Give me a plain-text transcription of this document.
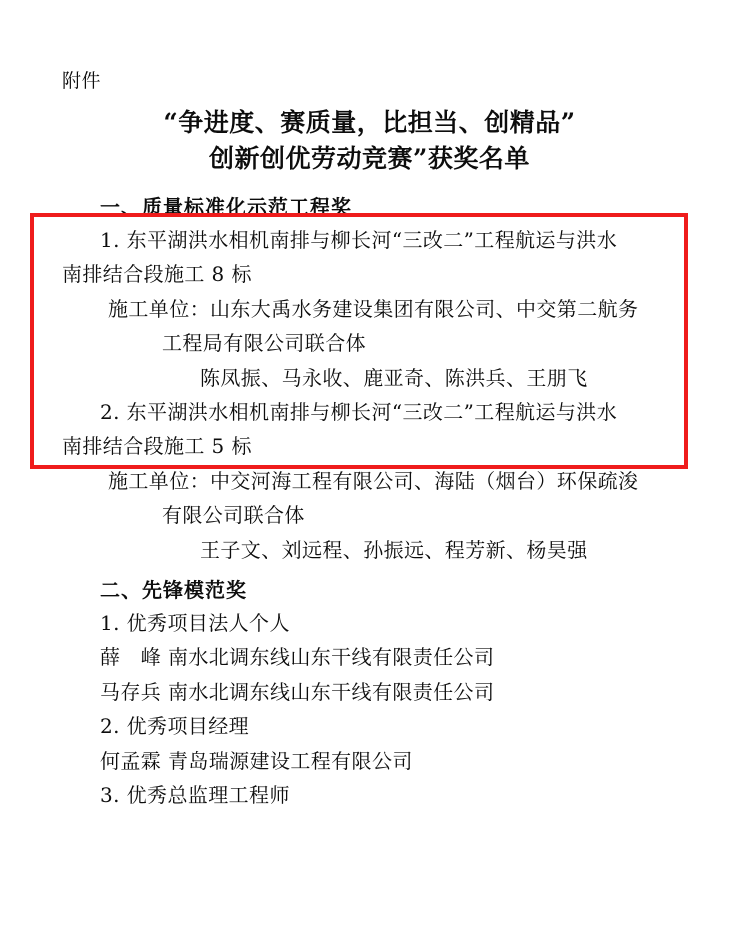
附件

“争进度、赛质量，比担当、创精品”
创新创优劳动竞赛”获奖名单

一、质量标准化示范工程奖

1. 东平湖洪水相机南排与柳长河“三改二”工程航运与洪水

南排结合段施工 8 标

施工单位：山东大禹水务建设集团有限公司、中交第二航务

工程局有限公司联合体

陈凤振、马永收、鹿亚奇、陈洪兵、王朋飞

2. 东平湖洪水相机南排与柳长河“三改二”工程航运与洪水

南排结合段施工 5 标

施工单位：中交河海工程有限公司、海陆（烟台）环保疏浚

有限公司联合体

王子文、刘远程、孙振远、程芳新、杨昊强

二、先锋模范奖

1. 优秀项目法人个人

薛　峰 南水北调东线山东干线有限责任公司

马存兵 南水北调东线山东干线有限责任公司

2. 优秀项目经理

何孟霖 青岛瑞源建设工程有限公司

3. 优秀总监理工程师
